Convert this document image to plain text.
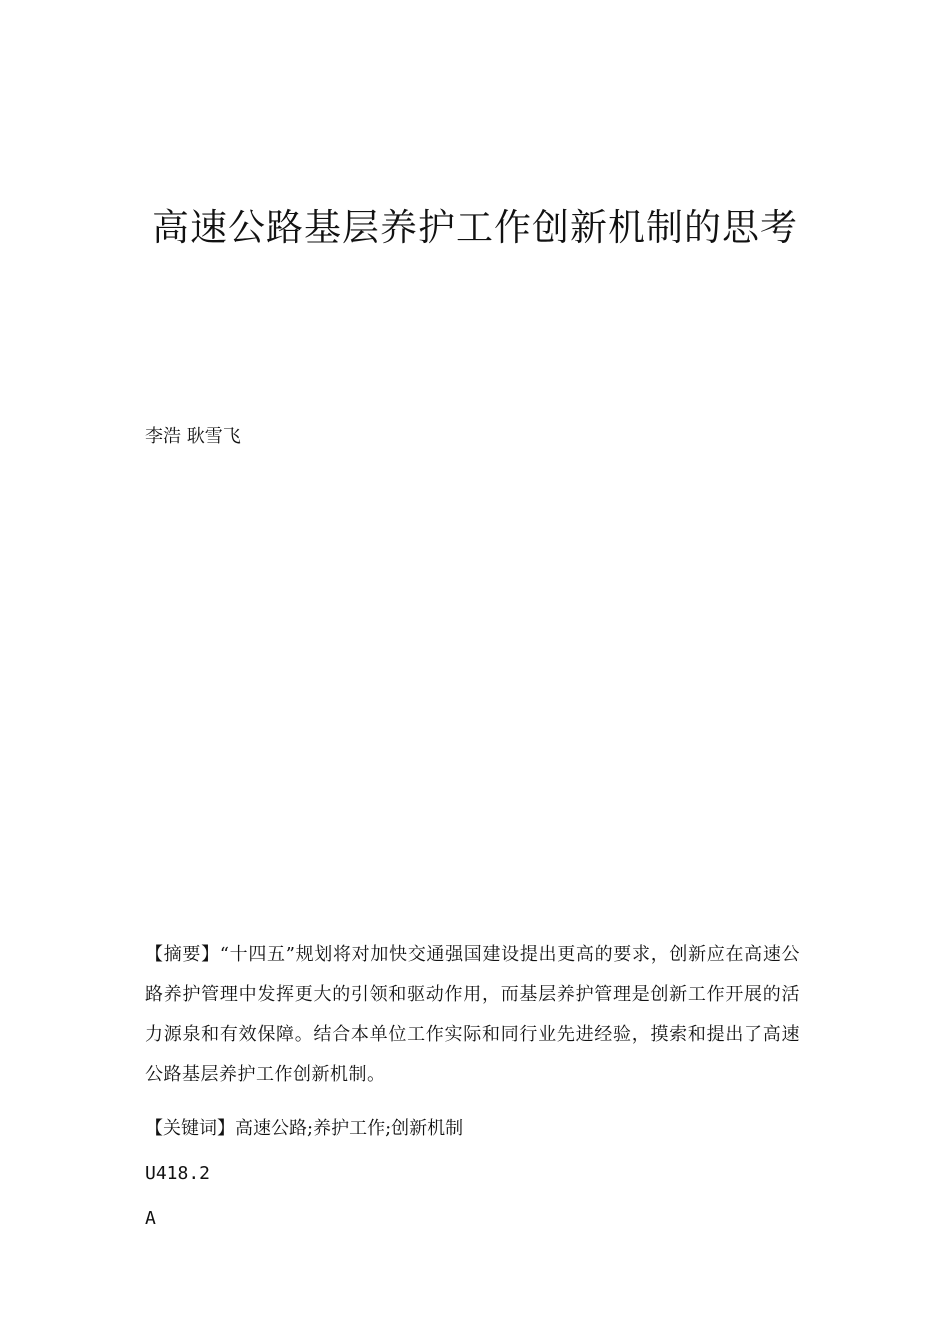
高速公路基层养护工作创新机制的思考
李浩 耿雪飞

【摘要】“十四五”规划将对加快交通强国建设提出更高的要求，创新应在高速公路养护管理中发挥更大的引领和驱动作用，而基层养护管理是创新工作开展的活力源泉和有效保障。结合本单位工作实际和同行业先进经验，摸索和提出了高速公路基层养护工作创新机制。

【关键词】高速公路;养护工作;创新机制
U418.2
A
